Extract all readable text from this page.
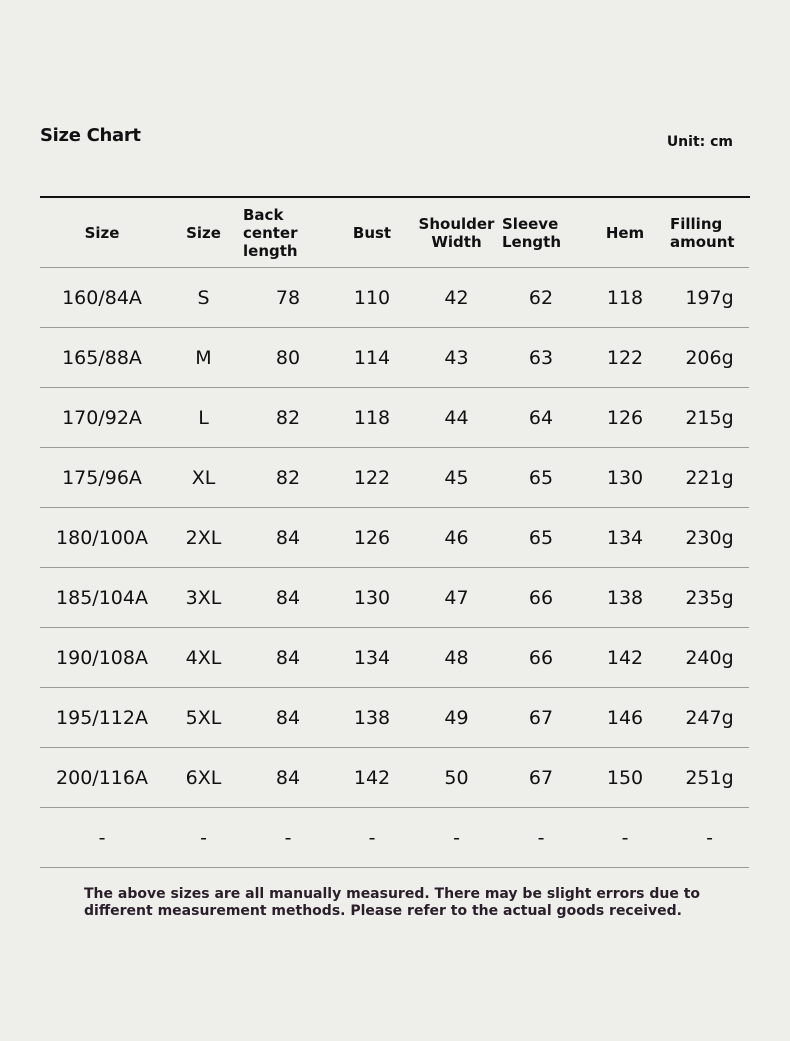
Size Chart	Unit: cm
Size	Size	Back center length	Bust	Shoulder Width	Sleeve Length	Hem	Filling amount
160/84A	S	78	110	42	62	118	197g
165/88A	M	80	114	43	63	122	206g
170/92A	L	82	118	44	64	126	215g
175/96A	XL	82	122	45	65	130	221g
180/100A	2XL	84	126	46	65	134	230g
185/104A	3XL	84	130	47	66	138	235g
190/108A	4XL	84	134	48	66	142	240g
195/112A	5XL	84	138	49	67	146	247g
200/116A	6XL	84	142	50	67	150	251g
-	-	-	-	-	-	-	-
The above sizes are all manually measured. There may be slight errors due to different measurement methods. Please refer to the actual goods received.
